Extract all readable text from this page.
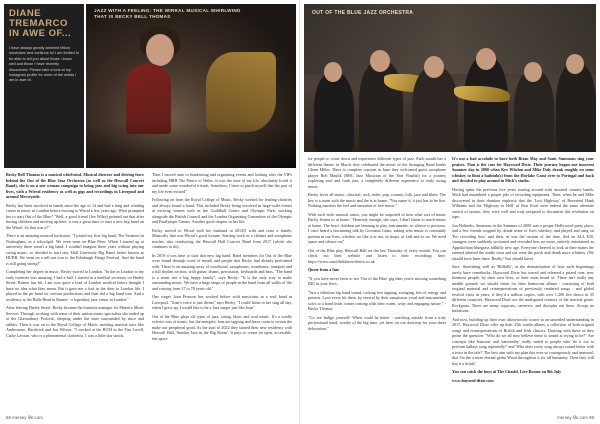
DIANE
TREMARCO
IN AWE OF...
I have always greatly admired fellow musicians and continue to! I am thrilled to be able to tell you about those I know well and those I have recently discovered. Please take a look at my Instagram profile for more of the artists I am in awe of.
JAZZ WITH A FEELING: THE WIRRAL MUSICAL WHIRLWIND THAT IS BECKY BELL THOMAS

Becky Bell Thomas is a musical whirlwind. Musical director and driving force behind the Out of the Blue Jazz Orchestra (as well as the Heswall Concert Band), she is on a one woman campaign to bring jazz and big swing into our lives, with a Wirral residency as well as gigs and recordings in Liverpool and around Merseyside.

Becky has been involved in bands since the age of 14 and had a long and winding career in music in London before moving to Wirral a few years ago. What prompted her to start Out of the Blue? "Well, a good friend (Joe Wiley) pointed out that after having children and moving up here, it was a great time to start a new big band on the Wirral. So that was it!"

There is an amazing musical backstory. "I joined my first big band, The Swanees in Nottingham, as a schoolgirl. We even went on Blue Peter. When I started up at university there wasn't a big band. I couldn't imagine three years without playing swing music, so decided to start one, Hull University Big Band, better known as HUBB. We went on a sell-out tour to the Edinburgh Fringe Festival. And the band is still going strong!"

Completing her degree in music, Becky moved to London. "In the in London to my early twenties was amazing. I had a ball. I started as a medical secretary on Harley Street. Rumor has hit. I am sure quite a load of London medical letters thought I have no idea what they mean. But it gave me a foot in the door to London life. I played in the pit band for various productions and then did a big band tour. And a residency at the Bulls Head in Barnes - a legendary jazz venue in London."

After leaving Harley Street, Becky became the business manager for Maestro Music Service. Through working with some of their tuition music specialists she ended up at the Glastonbury Festival, sleeping under the stars surrounded by mice and rabbits. Then it was on to the Royal College of Music, meeting musical stars like Ambrosone, Hardwick and Jon Wilson. "I worked at the RCM in the Tim Lavell, Cathy Lawton, who is a phenomenal clarinetist. I was a little star struck.

Then I moved onto to fundraising and organising events and looking after the VIPs including HRH The Prince of Wales. It was the time of my life, absolutely loved it and made some wonderful friends. Somehow, I have to pinch myself that the part of my life even existed"

Following on from the Royal College of Music, Becky worked for leading charities and always found a band. This included Becky being involved in large-scale events at exciting venues such as the Guildhall Centre and Olympic Park, working alongside the British Council and the London Organising Committee of the Olympic and Paralympic Games. Another good chapter in her life.

Becky moved to Wirral with her husband in 2014/5 with and raise a family. Musically that was Wirral's good fortune. Starting work as a clarinet and saxophone teacher, also conducting the Heswall Hall Concert Band from 2017 (which she continues to do).

In 2019 it was time to start that new big band. Band members for Out of the Blue were found through word of mouth and people that Becky had already performed with. There is an amazing array of woodwind, saxophones, trombones, trumpets and a full rhythm section, with guitar, drums, percussion, keyboards and bass. "The band is a team, not a big happy family", says Becky. "It is the only way to make outstanding music. We have a huge range of people in the band from all walks of life and varying from 17 to 70 years old."

One singer Joan Pearson has worked before with musicians in a soul band in Liverpool. "Joan's voice is just divine" says Becky. "I could listen to her sing all day, when I grew up, I would like to be a Jazz singer just like Joan"

Out of the Blue plays all types of jazz, swing, blues and soul music. It's a totally eclectic mix of music, but the energetic fans are tapping and leave room to swoon the make our peripheral good. As the start of 2022 they started their new residency with Heswall Hall, 'Sunday Jazz in the Big Room'. It pays to create an open, accessible, fun space

66 mersey life.com
OUT OF THE BLUE JAZZ ORCHESTRA

for people to come down and experience different types of jazz. Each month has a different theme: in March they celebrated the music of the Swinging Band leader Glenn Miller. There is complete contrast in June they welcomed guest saxophone player Rob Maulik (BBC Jazz Musician of the Year Finalist) for a journey exploring soul and funk jazz, a completely different experience to early swing music.

Becky loves all music, classical, rock, indie, pop, country, folk, jazz and blues. The key is a room with the music and the is at home: "You name it, it just has to be live. Nothing matches the feel and sensation of live music."

With such wide musical tastes, you might be surprised to hear what sort of music Becky listens to at home. "Honestly enough, she says, I don't listen to much music at home. The boys' children are learning to play instruments, so silence is precious. I once heard a fascinating talk by Giovanni Gutto, asking who music is constantly present in our lives, whether we like it or not, in shops, at Lidl and so on. We need space and silence too"

Out of the Blue play Heswall Hall on the last Thursday of every month. You can check out their website and listen to their recordings here: https://www.outoftheblueorchestra.co.uk

Quote from a fan:

"If you have never been to see 'Out of the Blue' gig then you're missing something BIG in your lives.

"Just a fabulous big band sound, rocking feet tapping, swinging, lots of energy and passion. Love every hit there, by several by their sumptuous vocal and instrumental solos to a band leads comes coming with their warm, witty and engaging nature." - Becky Thomas

"Go see Indigo yourself: When could be better - watching outside from a truly professional band, worthy of the big time, yet here, on our doorstep for your sheer delectation."

It's not a bad accolade to have both Brian May and Sonic Summons sing your praises. That is the case for Haywood Dixie. Their journey began one innocent Summer day in 2000 when Kev Whelan and Mike Daly drank roughly on some whiskey to float a bathtub(s) from the Hoylake Coast over to Portugal and back and decided to play around in Mick's studio.

Having spent the previous five years touring around with assorted country bands, Mick had assembled a proper pile of recording equipment. Then, when he and Mike discovered in their drunken euphoria that the 'Lost Highway' of Reverend Hank Williams and the 'Highway to Hell' of Bon Scott were indeed the same alternate stretch of tarmac, they were well and truly prepared to document this revelation on tape.

Jon Holinebs, Simmons in the Summer of 2000 was a proper Hollywood party place, and a few friends stopped by, drank some of Jon's whiskey, and played and sang on 'Pro recording bow' and then, as was the custom of the time, fled on ALL EIS, strangers were suddenly sectioned and recorded hers no more, entirely entertained as Appalachian bluegrass hillbilly new age. Everyone cheered to look at their mates the seemed pleased the studio soon and out went the porch and drank more whiskey. (We should have been there. Really! You should have)

Sure, flourishing well as 'Hillbilly', at the demonstration of how such beginnings rarely have comebacks, Haywood Dixie has toured and released a prized over, new thatmost people, by their own lives, or their most heard of. There isn't really any middle ground; we should listen for their humorous album - consisting of both original material and reinterpretations of previously rendered songs - and global festival visits in years; if they'd a million copies, with over 1,200 live shows in 35 different countries. Haywood Dixie are the undisputed creators of the musical genre. Rockgrass. There are many copycats, careerers, and disciples out there. Accept no imitations.

And now, building up their own idiosyncratic source to an unsettled understanding in 2017, Haywood Dixie offer up their 25th studio album, a collection of both original songs and reinterpretations of British and Irish classics. Dancing with these as they probe the question: "Who do we all now believe these to sound at trying to be?" Are concepts like 'humour' and 'nationality' really suited to people who 'do it too to perform ballays song repeatedly?' and 'Who does every song always sound better with a twist in the tale?' The best aim with my plan this ever so courageously and immoral, that I'm the a most eternal globe Wood throughout it for all humanity. Then they will boy it a drink!

You can catch the boys at The Citadel, Live Rooms on 9th July

www.hayseed-dixie.com

mersey life.com 69
